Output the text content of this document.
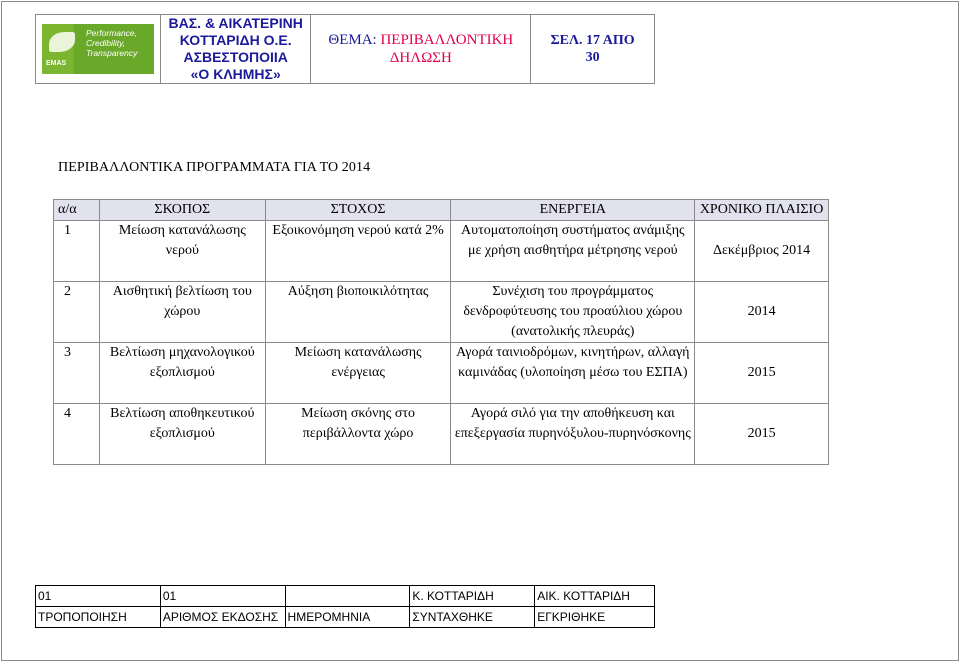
EMAS
Performance,
Credibility,
Transparency

ΒΑΣ. & ΑΙΚΑΤΕΡΙΝΗ
ΚΟΤΤΑΡΙΔΗ Ο.Ε.
ΑΣΒΕΣΤΟΠΟΙΙΑ
«Ο ΚΛΗΜΗΣ»

ΘΕΜΑ: ΠΕΡΙΒΑΛΛΟΝΤΙΚΗ
ΔΗΛΩΣΗ

ΣΕΛ. 17 ΑΠΟ
30
ΠΕΡΙΒΑΛΛΟΝΤΙΚΑ ΠΡΟΓΡΑΜΜΑΤΑ ΓΙΑ ΤΟ 2014
α/α	ΣΚΟΠΟΣ	ΣΤΟΧΟΣ	ΕΝΕΡΓΕΙΑ	ΧΡΟΝΙΚΟ ΠΛΑΙΣΙΟ
1	Μείωση κατανάλωσης νερού	Εξοικονόμηση νερού κατά 2%	Αυτοματοποίηση συστήματος ανάμιξης με χρήση αισθητήρα μέτρησης νερού	Δεκέμβριος 2014
2	Αισθητική βελτίωση του χώρου	Αύξηση βιοποικιλότητας	Συνέχιση του προγράμματος δενδροφύτευσης του προαύλιου χώρου (ανατολικής πλευράς)	2014
3	Βελτίωση μηχανολογικού εξοπλισμού	Μείωση κατανάλωσης ενέργειας	Αγορά ταινιοδρόμων, κινητήρων, αλλαγή καμινάδας (υλοποίηση μέσω του ΕΣΠΑ)	2015
4	Βελτίωση αποθηκευτικού εξοπλισμού	Μείωση σκόνης στο περιβάλλοντα χώρο	Αγορά σιλό για την αποθήκευση και επεξεργασία πυρηνόξυλου-πυρηνόσκονης	2015
01	01		Κ. ΚΟΤΤΑΡΙΔΗ	ΑΙΚ. ΚΟΤΤΑΡΙΔΗ
ΤΡΟΠΟΠΟΙΗΣΗ	ΑΡΙΘΜΟΣ ΕΚΔΟΣΗΣ	ΗΜΕΡΟΜΗΝΙΑ	ΣΥΝΤΑΧΘΗΚΕ	ΕΓΚΡΙΘΗΚΕ
